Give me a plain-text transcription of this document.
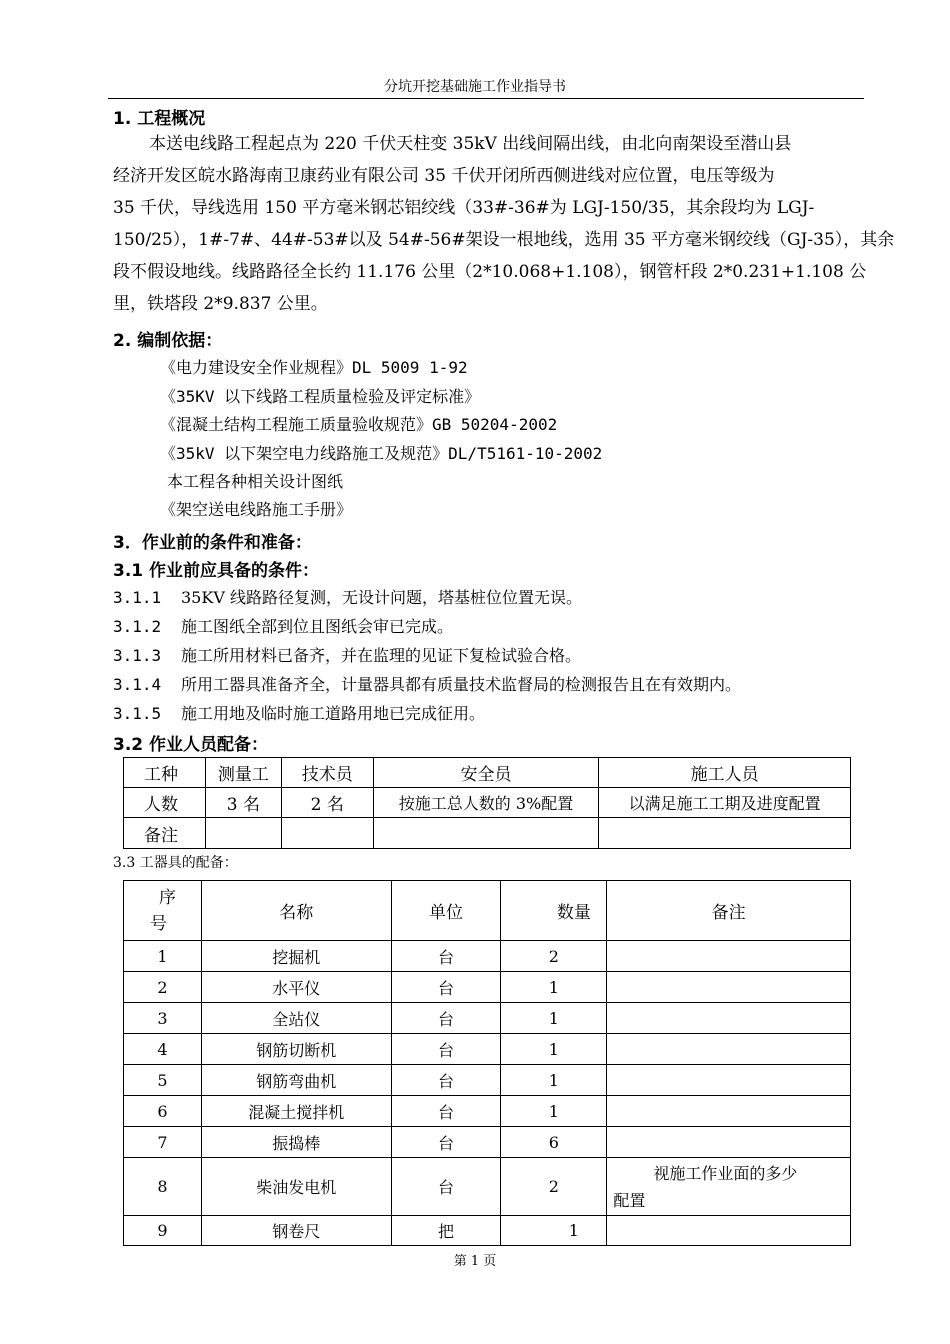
分坑开挖基础施工作业指导书
1. 工程概况
本送电线路工程起点为 220 千伏天柱变 35kV 出线间隔出线，由北向南架设至潜山县
经济开发区皖水路海南卫康药业有限公司 35 千伏开闭所西侧进线对应位置，电压等级为
35 千伏，导线选用 150 平方毫米钢芯铝绞线（33#-36#为 LGJ-150/35，其余段均为 LGJ-
150/25），1#-7#、44#-53#以及 54#-56#架设一根地线，选用 35 平方毫米钢绞线（GJ-35），其余
段不假设地线。线路路径全长约 11.176 公里（2*10.068+1.108），钢管杆段 2*0.231+1.108 公
里，铁塔段 2*9.837 公里。
2. 编制依据：
《电力建设安全作业规程》DL 5009 1-92
《35KV 以下线路工程质量检验及评定标准》
《混凝土结构工程施工质量验收规范》GB 50204-2002
《35kV 以下架空电力线路施工及规范》DL/T5161-10-2002
本工程各种相关设计图纸
《架空送电线路施工手册》
3．作业前的条件和准备：
3.1 作业前应具备的条件：
3.1.1 35KV 线路路径复测，无设计问题，塔基桩位位置无误。
3.1.2 施工图纸全部到位且图纸会审已完成。
3.1.3 施工所用材料已备齐，并在监理的见证下复检试验合格。
3.1.4 所用工器具准备齐全，计量器具都有质量技术监督局的检测报告且在有效期内。
3.1.5 施工用地及临时施工道路用地已完成征用。
3.2 作业人员配备：
工种	测量工	技术员	安全员	施工人员
人数	3 名	2 名	按施工总人数的 3%配置	以满足施工工期及进度配置
备注				
3.3 工器具的配备：
序
号	名称	单位	数量	备注
1	挖掘机	台	2	
2	水平仪	台	1	
3	全站仪	台	1	
4	钢筋切断机	台	1	
5	钢筋弯曲机	台	1	
6	混凝土搅拌机	台	1	
7	振捣棒	台	6	
8	柴油发电机	台	2	视施工作业面的多少
配置

9	钢卷尺	把	1	
第 1 页
